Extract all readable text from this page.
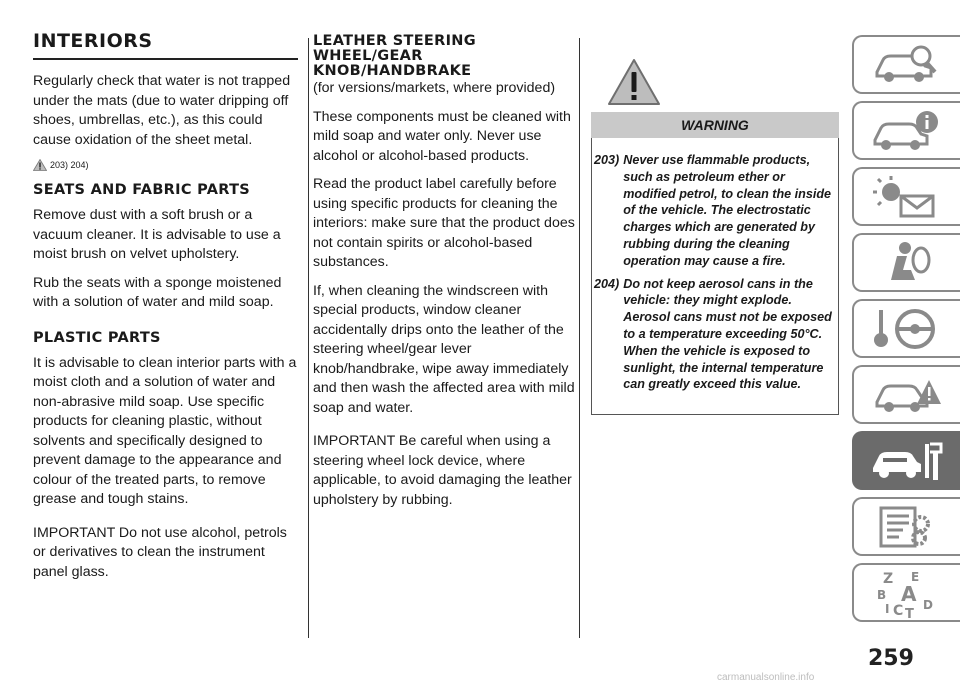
INTERIORS

Regularly check that water is not trapped under the mats (due to water dripping off shoes, umbrellas, etc.), as this could cause oxidation of the sheet metal.

203) 204)
SEATS AND FABRIC PARTS

Remove dust with a soft brush or a vacuum cleaner. It is advisable to use a moist brush on velvet upholstery.

Rub the seats with a sponge moistened with a solution of water and mild soap.

PLASTIC PARTS

It is advisable to clean interior parts with a moist cloth and a solution of water and non-abrasive mild soap. Use specific products for cleaning plastic, without solvents and specifically designed to prevent damage to the appearance and colour of the treated parts, to remove grease and tough stains.

IMPORTANT Do not use alcohol, petrols or derivatives to clean the instrument panel glass.

LEATHER STEERING WHEEL/GEAR KNOB/HANDBRAKE

(for versions/markets, where provided)

These components must be cleaned with mild soap and water only. Never use alcohol or alcohol-based products.

Read the product label carefully before using specific products for cleaning the interiors: make sure that the product does not contain spirits or alcohol-based substances.

If, when cleaning the windscreen with special products, window cleaner accidentally drips onto the leather of the steering wheel/gear lever knob/handbrake, wipe away immediately and then wash the affected area with mild soap and water.

IMPORTANT Be careful when using a steering wheel lock device, where applicable, to avoid damaging the leather upholstery by rubbing.

WARNING
203) Never use flammable products, such as petroleum ether or modified petrol, to clean the inside of the vehicle. The electrostatic charges which are generated by rubbing during the cleaning operation may cause a fire.
204) Do not keep aerosol cans in the vehicle: they might explode. Aerosol cans must not be exposed to a temperature exceeding 50°C. When the vehicle is exposed to sunlight, the internal temperature can greatly exceed this value.
Z E
B A
I C T
D
259
carmanualsonline.info
